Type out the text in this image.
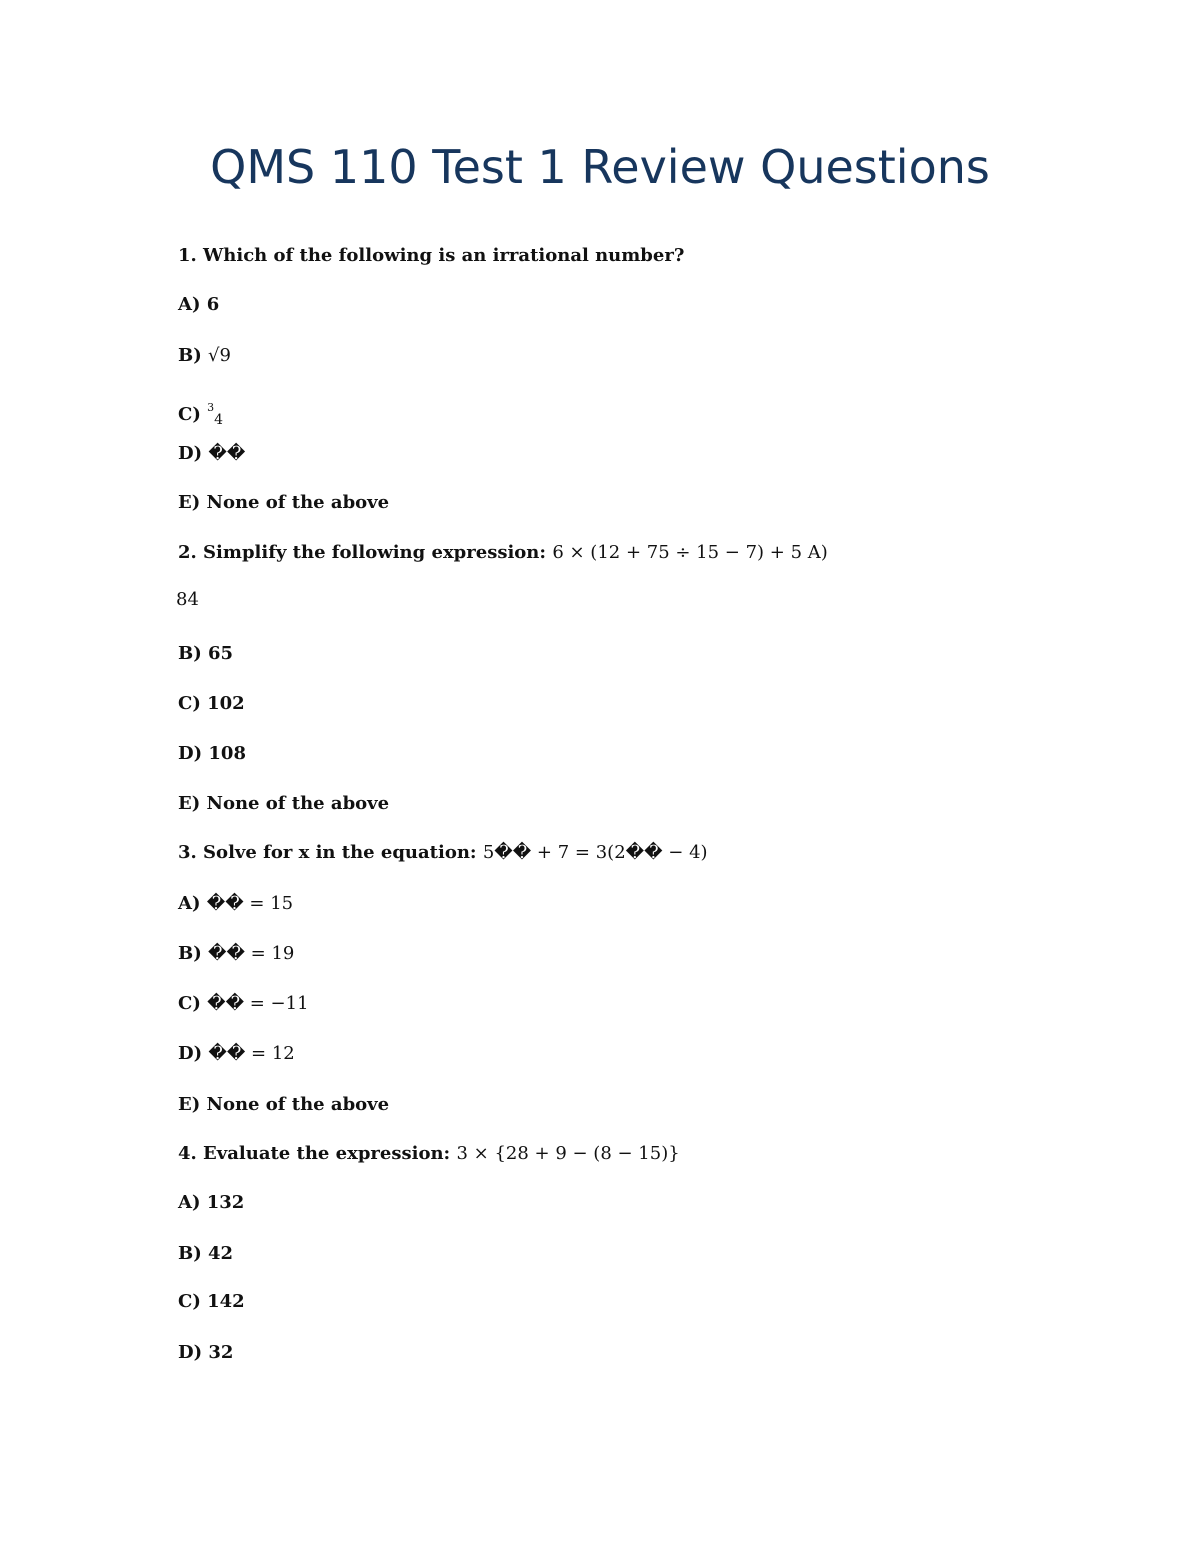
QMS 110 Test 1 Review Questions

1. Which of the following is an irrational number?

A) 6

B) √9

C) $^3_4$

D) ��

E) None of the above

2. Simplify the following expression: 6 × (12 + 75 ÷ 15 − 7) + 5 A)

84

B) 65

C) 102

D) 108

E) None of the above

3. Solve for x in the equation: 5�� + 7 = 3(2�� − 4)

A) �� = 15

B) �� = 19

C) �� = −11

D) �� = 12

E) None of the above

4. Evaluate the expression: 3 × {28 + 9 − (8 − 15)}

A) 132

B) 42

C) 142

D) 32
